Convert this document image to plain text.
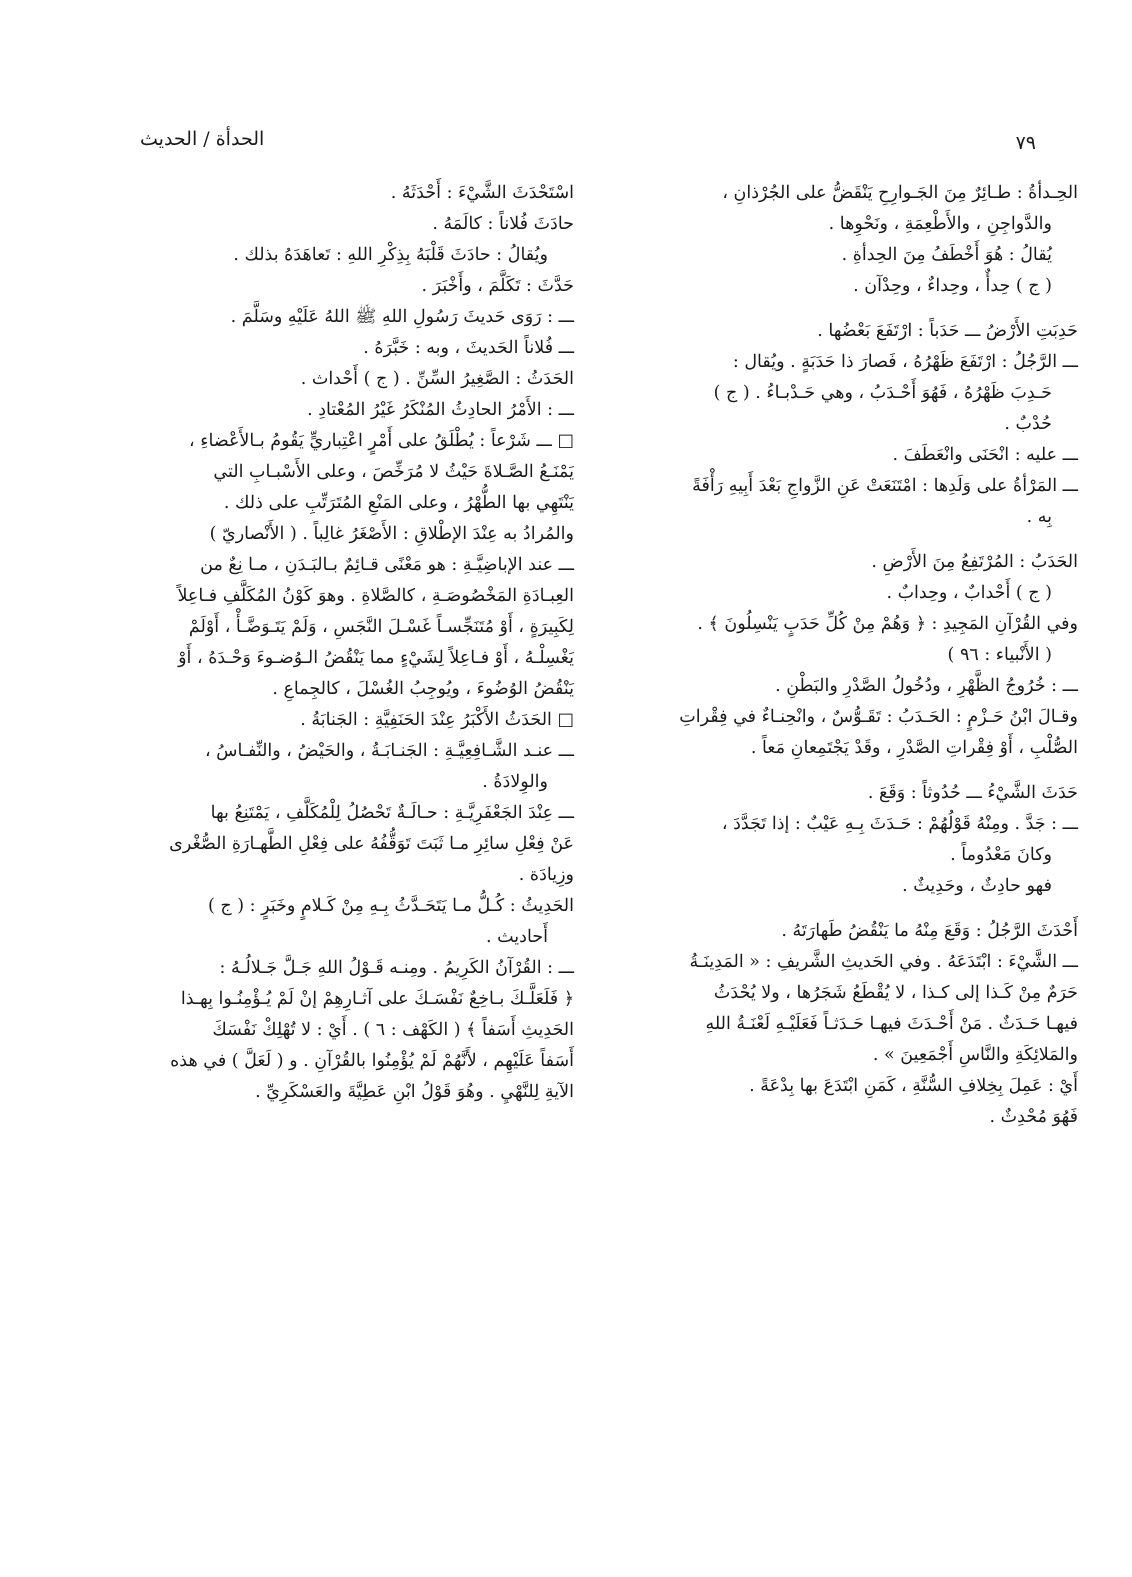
الحدأة / الحديث	٧٩

الحِـدأةُ : طـائِرٌ مِنَ الجَـوارِحِ يَنْقَضُّ على الجُرْذانِ ،

والدَّواجِنِ ، والأَطْعِمَةِ ، ونَحْوِها .

يُقالُ : هُوَ أَخْطَفُ مِنَ الحِدأةِ .

( ج ) حِدأٌ ، وحِداءٌ ، وحِدْآن .

حَدِبَتِ الأَرْضُ ـــ حَدَباً : ارْتَفَعَ بَعْضُها .

ـــ الرَّجُلُ : ارْتَفَعَ ظَهْرُهُ ، فَصارَ ذا حَدَبَةٍ . ويُقال :

حَـدِبَ ظَهْرُهُ ، فَهُوَ أَحْـدَبُ ، وهي حَـدْبـاءُ . ( ج )

حُدْبٌ .

ـــ عليه : انْحَنَى وانْعَطَفَ .

ـــ المَرْأةُ على وَلَدِها : امْتَنَعَتْ عَنِ الزَّواجِ بَعْدَ أَبِيهِ رَأْفَةً

بِه .

الحَدَبُ : المُرْتَفِعُ مِنَ الأَرْضِ .

( ج ) أَحْدابٌ ، وحِدابٌ .

وفي القُرْآنِ المَجِيدِ : ﴿ وَهُمْ مِنْ كُلِّ حَدَبٍ يَنْسِلُونَ ﴾ .

( الأَنْبياء : ٩٦ )

ـــ : خُرُوجُ الظَّهْرِ ، ودُخُولُ الصَّدْرِ والبَطْنِ .

وقـالَ ابْنُ حَـزْمٍ : الحَـدَبُ : تَقَـوُّسٌ ، وانْحِنـاءٌ في فِقْراتِ

الصُّلْبِ ، أَوْ فِقْراتِ الصَّدْرِ ، وقَدْ يَجْتَمِعانِ مَعاً .

حَدَثَ الشَّيْءُ ـــ حُدُوثاً : وَقَعَ .

ـــ : جَدَّ . ومِنْهُ قَوْلُهُمْ : حَـدَثَ بِـهِ عَيْبٌ : إذا تَجَدَّدَ ،

وكانَ مَعْدُوماً .

فهو حادِثٌ ، وحَدِيثٌ .

أَحْدَثَ الرَّجُلُ : وَقَعَ مِنْهُ ما يَنْقُضُ طَهارَتَهُ .

ـــ الشَّيْءَ : ابْتَدَعَهُ . وفي الحَديثِ الشَّريفِ : « المَدِينَـةُ

حَرَمٌ مِنْ كَـذا إلى كـذا ، لا يُقْطَعُ شَجَرُها ، ولا يُحْدَثُ

فيهـا حَـدَثٌ . مَنْ أَحْـدَثَ فيهـا حَـدَثـاً فَعَلَيْـهِ لَعْنَـةُ اللهِ

والمَلائِكَةِ والنَّاسِ أَجْمَعِينَ » .

أَيْ : عَمِلَ بِخِلافِ السُّنَّةِ ، كَمَنِ ابْتَدَعَ بها بِدْعَةً .

فَهُوَ مُحْدِثٌ .

اسْتَحْدَثَ الشَّيْءَ : أَحْدَثَهُ .

حادَثَ فُلاناً : كالَمَهُ .

ويُقالُ : حادَثَ قَلْبَهُ بِذِكْرِ اللهِ : تَعاهَدَهُ بذلك .

حَدَّثَ : تَكَلَّمَ ، وأَخْبَرَ .

ـــ : رَوَى حَديثَ رَسُولِ اللهِ ﷺ اللهُ عَلَيْهِ وسَلَّمَ .

ـــ فُلاناً الحَديثَ ، وبه : خَبَّرَهُ .

الحَدَثُ : الصَّغِيرُ السِّنِّ . ( ج ) أَحْداث .

ـــ : الأَمْرُ الحادِثُ المُنْكَرُ غَيْرُ المُعْتادِ .

□ ـــ شَرْعاً : يُطْلَقُ على أَمْرٍ اعْتِباريٍّ يَقُومُ بـالأَعْضاءِ ،

يَمْنَـعُ الصَّـلاةَ حَيْثُ لا مُرَخِّصَ ، وعلى الأَسْبـابِ التي

يَنْتَهِي بها الطُّهْرُ ، وعلى المَنْعِ المُتَرَتِّبِ على ذلك .

والمُرادُ به عِنْدَ الإطْلاقِ : الأَصْغَرُ غالِباً . ( الأَنْصاريّ )

ـــ عند الإباضِيَّـةِ : هو مَعْنًى قـائِمٌ بـالبَـدَنِ ، مـا نِعٌ من

العِبـادَةِ المَخْصُوصَـةِ ، كالصَّلاةِ . وهوَ كَوْنُ المُكَلَّفِ فـاعِلاً

لِكَبِيرَةٍ ، أَوْ مُتَنَجِّسـاً غَسْـلَ النَّجَسِ ، وَلَمْ يَتَـوَضَّـأْ ، أَوْلَمْ

يَغْسِلْـهُ ، أَوْ فـاعِلاً لِشَيْءٍ مما يَنْقُضُ الـوُضـوءَ وَحْـدَهُ ، أَوْ

يَنْقُضُ الوُضُوءَ ، ويُوجِبُ الغُسْلَ ، كالجِماعِ .

□ الحَدَثُ الأَكْبَرُ عِنْدَ الحَنَفِيَّةِ : الجَنابَةُ .

ـــ عنـد الشَّـافِعِيَّـةِ : الجَنـابَـةُ ، والحَيْضُ ، والنِّفـاسُ ،

والوِلادَةُ .

ـــ عِنْدَ الجَعْفَرِيَّـةِ : حـالَـةٌ تَحْصُلُ لِلْمُكَلَّفِ ، يَمْتَنِعُ بها

عَنْ فِعْلِ سائِرِ مـا ثَبَتَ تَوَقُّفُهُ على فِعْلِ الطَّهـارَةِ الصُّغْرى

وزِيادَة .

الحَدِيثُ : كُـلُّ مـا يَتَحَـدَّثُ بِـهِ مِنْ كَـلامٍ وخَبَرٍ : ( ج )

أَحاديث .

ـــ : القُرْآنُ الكَرِيمُ . ومِنـه قَـوْلُ اللهِ جَـلَّ جَـلالُـهُ :

﴿ فَلَعَلَّـكَ بـاخِعٌ نَفْسَـكَ على آثـارِهِمْ إنْ لَمْ يُـؤْمِنُـوا بِهـذا

الحَدِيثِ أَسَفاً ﴾ ( الكَهْف : ٦ ) . أَيْ : لا تُهْلِكْ نَفْسَكَ

أَسَفاً عَلَيْهِم ، لأَنَّهُمْ لَمْ يُؤْمِنُوا بالقُرْآنِ . و ( لَعَلَّ ) في هذه

الآيةِ لِلنَّهْيِ . وهُوَ قَوْلُ ابْنِ عَطِيَّةَ والعَسْكَرِيِّ .
